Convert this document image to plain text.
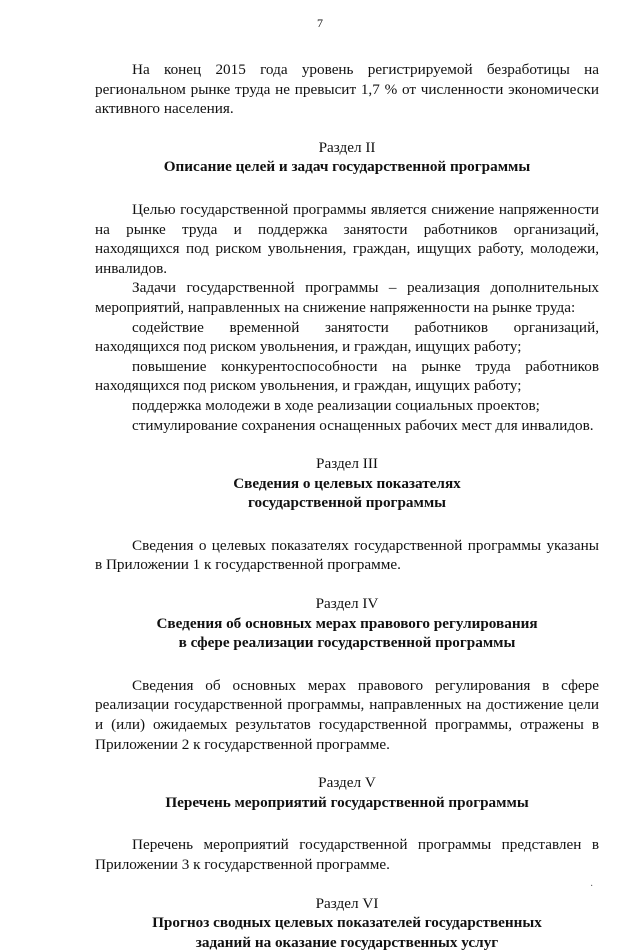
7

На конец 2015 года уровень регистрируемой безработицы на региональном рынке труда не превысит 1,7 % от численности экономически активного населения.

Раздел II
Описание целей и задач государственной программы

Целью государственной программы является снижение напряженности на рынке труда и поддержка занятости работников организаций, находящихся под риском увольнения, граждан, ищущих работу, молодежи, инвалидов.

Задачи государственной программы – реализация дополнительных мероприятий, направленных на снижение напряженности на рынке труда:

содействие временной занятости работников организаций, находящихся под риском увольнения, и граждан, ищущих работу;

повышение конкурентоспособности на рынке труда работников находящихся под риском увольнения, и граждан, ищущих работу;

поддержка молодежи в ходе реализации социальных проектов;

стимулирование сохранения оснащенных рабочих мест для инвалидов.

Раздел III
Сведения о целевых показателях
государственной программы

Сведения о целевых показателях государственной программы указаны в Приложении 1 к государственной программе.

Раздел IV
Сведения об основных мерах правового регулирования
в сфере реализации государственной программы

Сведения об основных мерах правового регулирования в сфере реализации государственной программы, направленных на достижение цели и (или) ожидаемых результатов государственной программы, отражены в Приложении 2 к государственной программе.

Раздел V
Перечень мероприятий государственной программы

Перечень мероприятий государственной программы представлен в Приложении 3 к государственной программе.

Раздел VI
Прогноз сводных целевых показателей государственных
заданий на оказание государственных услуг
·
